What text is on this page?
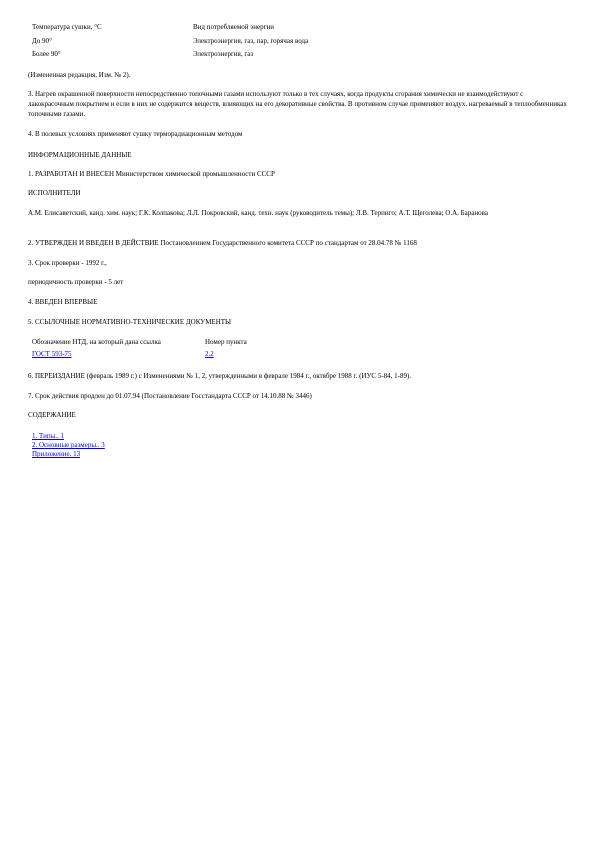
Температура сушки, °С	Вид потребляемой энергии
До 90°	Электроэнергия, газ, пар, горячая вода
Более 90°	Электроэнергия, газ
(Измененная редакция, Изм. № 2).
3. Нагрев окрашенной поверхности непосредственно топочными газами используют только в тех случаях, когда продукты сгорания химически не взаимодействуют с лакокрасочным покрытием и если в них не содержится веществ, влияющих на его декоративные свойства. В противном случае применяют воздух, нагреваемый в теплообменниках топочными газами.
4. В полевых условиях применяют сушку терморадиационным методом
ИНФОРМАЦИОННЫЕ ДАННЫЕ
1. РАЗРАБОТАН И ВНЕСЕН Министерством химической промышленности СССР
ИСПОЛНИТЕЛИ
А.М. Елисаветский, канд. хим. наук; Г.К. Колпакова; Л.Л. Покровский, канд. техн. наук (руководитель темы); Л.В. Терпиго; А.Т. Щеголева; О.А. Баранова
2. УТВЕРЖДЕН И ВВЕДЕН В ДЕЙСТВИЕ Постановлением Государственного комитета СССР по стандартам от 28.04.78 № 1168
3. Срок проверки - 1992 г.,
периодичность проверки - 5 лет
4. ВВЕДЕН ВПЕРВЫЕ
5. ССЫЛОЧНЫЕ НОРМАТИВНО-ТЕХНИЧЕСКИЕ ДОКУМЕНТЫ
Обозначение НТД, на который дана ссылка	Номер пункта
ГОСТ 593-75	2.2
6. ПЕРЕИЗДАНИЕ (февраль 1989 г.) с Изменениями № 1, 2, утвержденными в феврале 1984 г., октябре 1988 г. (ИУС 5-84, 1-89).
7. Срок действия продлен до 01.07.94 (Постановление Госстандарта СССР от 14.10.88 № 3446)
СОДЕРЖАНИЕ
1. Типы.. 1
2. Основные размеры.. 3
Приложение. 13
